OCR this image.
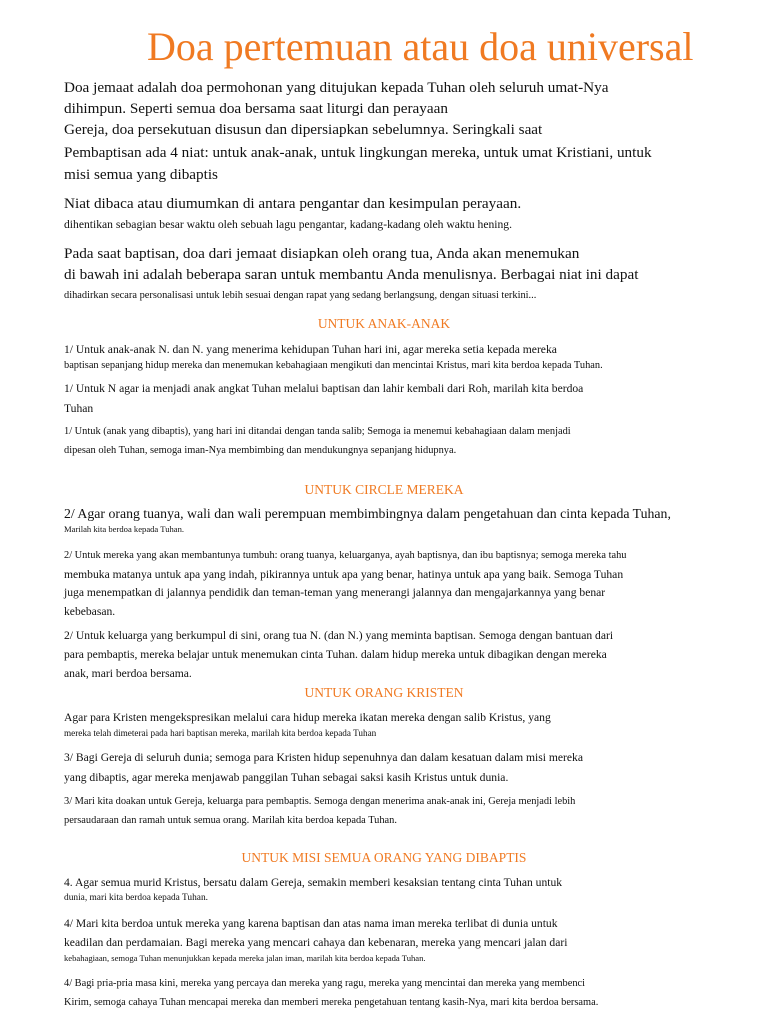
Doa pertemuan atau doa universal
Doa jemaat adalah doa permohonan yang ditujukan kepada Tuhan oleh seluruh umat-Nya
dihimpun. Seperti semua doa bersama saat liturgi dan perayaan
Gereja, doa persekutuan disusun dan dipersiapkan sebelumnya. Seringkali saat
Pembaptisan ada 4 niat: untuk anak-anak, untuk lingkungan mereka, untuk umat Kristiani, untuk
misi semua yang dibaptis
Niat dibaca atau diumumkan di antara pengantar dan kesimpulan perayaan.
dihentikan sebagian besar waktu oleh sebuah lagu pengantar, kadang-kadang oleh waktu hening.
Pada saat baptisan, doa dari jemaat disiapkan oleh orang tua, Anda akan menemukan
di bawah ini adalah beberapa saran untuk membantu Anda menulisnya. Berbagai niat ini dapat
dihadirkan secara personalisasi untuk lebih sesuai dengan rapat yang sedang berlangsung, dengan situasi terkini...
UNTUK ANAK-ANAK
1/ Untuk anak-anak N. dan N. yang menerima kehidupan Tuhan hari ini, agar mereka setia kepada mereka
baptisan sepanjang hidup mereka dan menemukan kebahagiaan mengikuti dan mencintai Kristus, mari kita berdoa kepada Tuhan.
1/ Untuk N agar ia menjadi anak angkat Tuhan melalui baptisan dan lahir kembali dari Roh, marilah kita berdoa
Tuhan
1/ Untuk (anak yang dibaptis), yang hari ini ditandai dengan tanda salib; Semoga ia menemui kebahagiaan dalam menjadi
dipesan oleh Tuhan, semoga iman-Nya membimbing dan mendukungnya sepanjang hidupnya.
UNTUK CIRCLE MEREKA
2/ Agar orang tuanya, wali dan wali perempuan membimbingnya dalam pengetahuan dan cinta kepada Tuhan,
Marilah kita berdoa kepada Tuhan.
2/ Untuk mereka yang akan membantunya tumbuh: orang tuanya, keluarganya, ayah baptisnya, dan ibu baptisnya; semoga mereka tahu
membuka matanya untuk apa yang indah, pikirannya untuk apa yang benar, hatinya untuk apa yang baik. Semoga Tuhan
juga menempatkan di jalannya pendidik dan teman-teman yang menerangi jalannya dan mengajarkannya yang benar
kebebasan.
2/ Untuk keluarga yang berkumpul di sini, orang tua N. (dan N.) yang meminta baptisan. Semoga dengan bantuan dari
para pembaptis, mereka belajar untuk menemukan cinta Tuhan. dalam hidup mereka untuk dibagikan dengan mereka
anak, mari berdoa bersama.
UNTUK ORANG KRISTEN
Agar para Kristen mengekspresikan melalui cara hidup mereka ikatan mereka dengan salib Kristus, yang
mereka telah dimeterai pada hari baptisan mereka, marilah kita berdoa kepada Tuhan
3/ Bagi Gereja di seluruh dunia; semoga para Kristen hidup sepenuhnya dan dalam kesatuan dalam misi mereka
yang dibaptis, agar mereka menjawab panggilan Tuhan sebagai saksi kasih Kristus untuk dunia.
3/ Mari kita doakan untuk Gereja, keluarga para pembaptis. Semoga dengan menerima anak-anak ini, Gereja menjadi lebih
persaudaraan dan ramah untuk semua orang. Marilah kita berdoa kepada Tuhan.
UNTUK MISI SEMUA ORANG YANG DIBAPTIS
4. Agar semua murid Kristus, bersatu dalam Gereja, semakin memberi kesaksian tentang cinta Tuhan untuk
dunia, mari kita berdoa kepada Tuhan.
4/ Mari kita berdoa untuk mereka yang karena baptisan dan atas nama iman mereka terlibat di dunia untuk
keadilan dan perdamaian. Bagi mereka yang mencari cahaya dan kebenaran, mereka yang mencari jalan dari
kebahagiaan, semoga Tuhan menunjukkan kepada mereka jalan iman, marilah kita berdoa kepada Tuhan.
4/ Bagi pria-pria masa kini, mereka yang percaya dan mereka yang ragu, mereka yang mencintai dan mereka yang membenci
Kirim, semoga cahaya Tuhan mencapai mereka dan memberi mereka pengetahuan tentang kasih-Nya, mari kita berdoa bersama.
